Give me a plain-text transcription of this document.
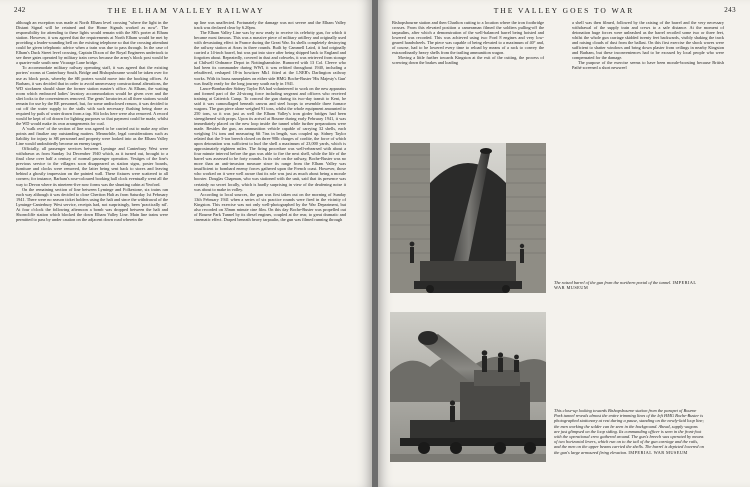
242	THE ELHAM VALLEY RAILWAY

although an exception was made at North Elham level crossing "where the light in the Distant Signal will be retained and the Home Signals worked as now". The responsibility for attending to these lights would remain with the SR's porter at Elham station. However, it was agreed that the requirements at North Elham would be met by providing a leader-sounding bell on the existing telephone so that the crossing attendant could be given telephonic advice when a train was due to pass through. In the case of Elham's Duck Street level crossing, Captain Dixon of the Royal Engineers undertook to see there gates operated by military train crews because the army's block post would be a quarter-mile south near Vicarage Lane bridge.

To accommodate military railway operating staff, it was agreed that the existing porters' rooms at Canterbury South, Bridge and Bishopsbourne would be taken over for use as block posts, whereby the SR porters would move into the booking offices. At Barham, it was decided that in order to avoid unnecessary constructional alterations, the WD stockmen should share the former station master's office. At Elham, the waiting room which embraced ladies' lavatory accommodation would be given over and the sliet locks to the conveniences removed. The gents' lavatories at all three stations would remain for use by the RE personnel, but, for some undisclosed reason, it was decided to cut off the water supply to the stalls with such necessary flushing being done as required by pails of water drawn from a tap. Slit locks here were also removed. A record would be kept of oil drawn for lighting purposes so that payment could be made, whilst the WD would make its own arrangements for coal.

A 'walk over' of the section of line was agreed to be carried out to make any other points and finalize any outstanding matters. Meanwhile, legal considerations such as liability for injury to SR personnel and property were looked into as the Elham Valley Line would undoubtedly become an enemy target.

Officially, all passenger services between Lyminge and Canterbury West were withdrawn as from Sunday 1st December 1940 which, as it turned out, brought to a final close over half a century of normal passenger operation. Vestiges of the line's previous service to the villagers soon disappeared as station signs, poster boards, furniture and clocks were removed, the latter being sent back to stores and leaving behind a ghostly impression on the painted wall. These fixtures were scattered to all corners; for instance, Barham's rose-coloured booking hall clock eventually went all the way to Devon where its nineteen-five now forms was the shunting cabin at Yeoford.

On the remaining section of line between Lyminge and Folkestone, six trains ran each way although it was decided to close Cheriton Halt as from Saturday 1st February 1941. There were no season ticket holders using the halt and since the withdrawal of the Lyminge-Canterbury West service, receipts had, not surprisingly, been 'practically nil'. At four o'clock the following afternoon a bomb was dropped between the halt and Shorncliffe station which blocked the down Elham Valley Line. Main line trains were permitted to pass by under caution on the adjacent down road wherein the

up line was unaffected. Fortunately the damage was not severe and the Elham Valley track was declared clear by 6.20pm.

The Elham Valley Line was by now ready to receive its celebrity gun, for which it became most famous. This was a massive piece of military artillery and originally used with devastating effect in France during the Great War. Its shells completely destroying the railway station at Arras in three rounds. Built by Cammell Laird, it had originally carried a 14-inch barrel, but was put into store after being shipped back to England and forgotten about. Repeatedly, covered in dust and cobwebs, it was retrieved from storage at Chilwell Ordnance Depot in Nottinghamshire. Rumored with 13 Col. Cleeve who had been its commander during WWI, it was refitted throughout 1940, including a rebuffered, reshaped 18-in howitzer Mk1 fitted at the LNER's Darlington railway works. With its brass nameplates on either side HMG Boche-Buster 'His Majesty's Gun' was finally ready for the long journey south early in 1941.

Lance-Bombardier Sidney Taylor RA had volunteered to work on the new apparatus and formed part of the 24-strong force including sergeant and officers who received training at Catterick Camp. To conceal the gun during its two-day transit to Kent, he said it was camouflaged beneath canvas and steel hoops to resemble three furnace wagons. The gun piece alone weighed 91 tons, whilst the whole equipment amounted to 250 tons, so it was just as well the Elham Valley's iron girder bridges had been strengthened with props. Upon its arrival at Bourne during early February 1941, it was immediately placed on the new loop inside the tunnel while further preparations were made. Besides the gun, an ammunition vehicle capable of carrying 32 shells, each weighing 1¼ tons and measuring 6ft 7ins in length, was coupled up. Sidney Taylor related that the 5-ton breech closed on three 90lb charges of cordite, the force of which upon detonation was sufficient to hurl the shell a maximum of 23,000 yards, which is approximately eighteen miles. The firing procedure was well-rehearsed with about a four minute interval before the gun was able to fire the next shell, while the life of the barrel was assessed to be forty rounds. In its role on the railway, Boche-Buster was no more than an anti-invasion measure since its range from the Elham Valley was insufficient to bombard enemy forces gathered upon the French coast. However, those who worked on it were well aware that its role was just as much about being a morale booster. Douglas Chapman, who was stationed with the unit, said that its presence was certainly no secret locally, which is hardly surprising in view of the deafening noise it was about to make in volley.

According to local sources, the gun was first taken out on the morning of Sunday 13th February 1941 when a series of six practice rounds were fired in the vicinity of Kingston. This exercise was not only well-photographed by the War Department, but also recorded on 35mm minute cine film. On this day Boche-Buster was propelled out of Bourne Park Tunnel by its diesel engines, coupled at the rear, to great dramatic and cinematic effect. Draped beneath heavy tarpaulin, the gun was filmed running through

THE VALLEY GOES TO WAR	243

Bishopsbourne station and then Charlton cutting to a location where the iron footbridge crosses. From this elevated position a cameraman filmed the soldiers pulling-off the tarpaulins, after which a demonstration of the well-balanced barrel being hoisted and lowered was recorded. This was achieved using two Ford 8 engines and very low-geared handwheels. The piece was capable of being elevated to a maximum of 40° and, of course, had to be lowered every time to reload by means of a rack to convey the extraordinarily heavy shells from the trailing ammunition wagon.

Moving a little further towards Kingston at the exit of the cutting, the process of screwing down the brakes and loading

a shell was then filmed, followed by the raising of the barrel and the very necessary withdrawal of the supply train and crews to a safe distance. At the moment of detonation huge forces were unleashed as the barrel recoiled some two or three feet, whilst the whole gun carriage skidded twenty feet backwards, visibly shaking the track and raising clouds of dust from the ballast. On this first exercise the shock waves were sufficient to shatter windows and bring down plaster from ceilings in nearby Kingston and Barham, but these inconveniences had to be excused by local people who were compensated for the damage.

The purpose of the exercise seems to have been morale-boosting because British Pathé screened a short newsreel

The raised barrel of the gun from the northern portal of the tunnel. IMPERIAL WAR MUSEUM
This close-up looking towards Bishopsbourne station from the parapet of Bourne Park tunnel reveals almost the entire trimming lines of the left HMG Boche-Buster is photographed stationary at rest during a pause, standing on the newly-laid loop line; the men working the solder can be seen in the background. Ahead, supply wagons are just glimpsed on the loop siding. Its commanding officer is seen in the front-foot with the operational crew gathered around. The gun's breech was operated by means of two horizontal levers, which run on to the tail of the gun carriage and the rails, and the men on the upper beams carried the shells. The barrel is depicted lowered on the gun's large armoured firing elevation. IMPERIAL WAR MUSEUM
